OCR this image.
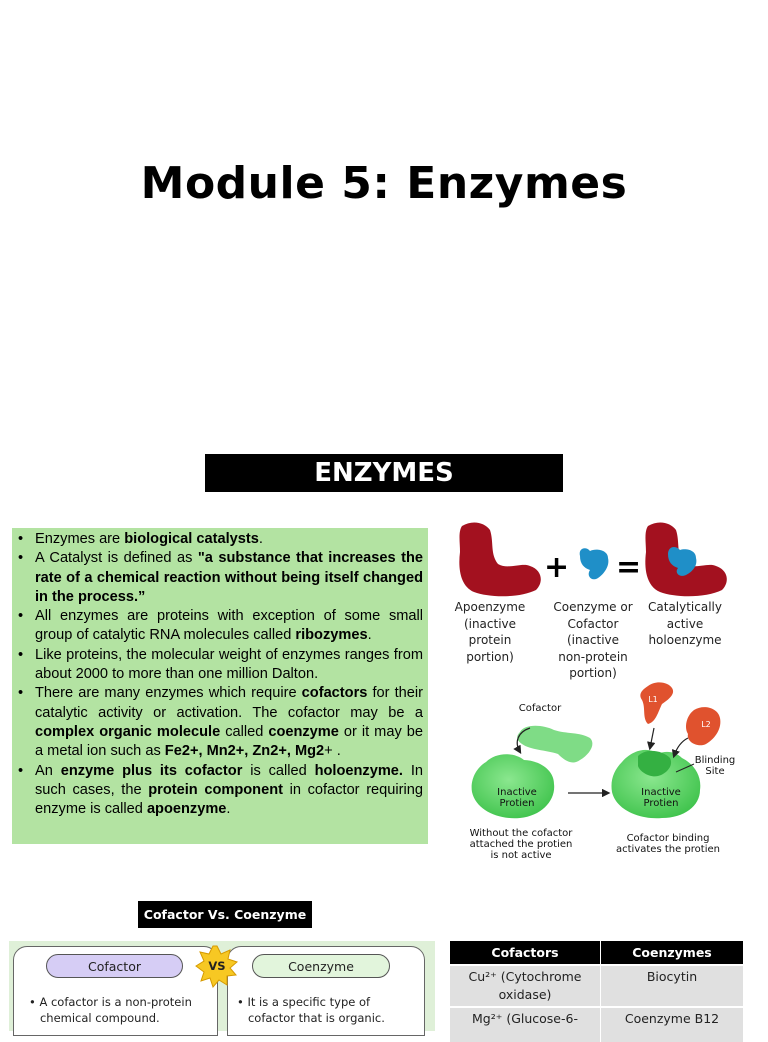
Module 5: Enzymes
ENZYMES
• Enzymes are biological catalysts.
• A Catalyst is defined as "a substance that increases the rate of a chemical reaction without being itself changed in the process.”
• All enzymes are proteins with exception of some small group of catalytic RNA molecules called ribozymes.
• Like proteins, the molecular weight of enzymes ranges from about 2000 to more than one million Dalton.
• There are many enzymes which require cofactors for their catalytic activity or activation. The cofactor may be a complex organic molecule called coenzyme or it may be a metal ion such as Fe2+, Mn2+, Zn2+, Mg2+ .
• An enzyme plus its cofactor is called holoenzyme. In such cases, the protein component in cofactor requiring enzyme is called apoenzyme.
+ =
Apoenzyme
(inactive
protein
portion)
Coenzyme or
Cofactor
(inactive
non-protein
portion)
Catalytically
active
holoenzyme
Cofactor
L1
L2
Blinding
Site
Inactive
Protien
Inactive
Protien
Without the cofactor
attached the protien
is not active
Cofactor binding
activates the protien
Cofactor Vs. Coenzyme
Cofactor	Coenzyme
VS
• A cofactor is a non-protein
chemical compound.
• It is a specific type of
cofactor that is organic.
Cofactors	Coenzymes
Cu²⁺ (Cytochrome oxidase)	Biocytin
Mg²⁺ (Glucose-6-	Coenzyme B12
